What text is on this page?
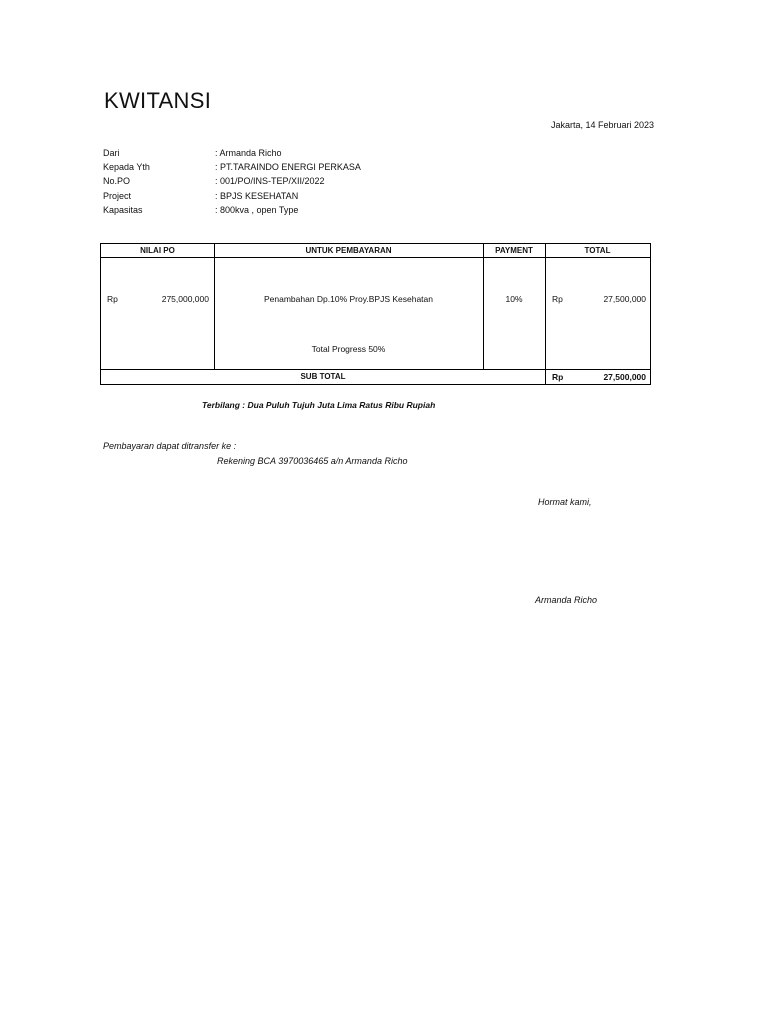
KWITANSI
Jakarta, 14 Februari 2023
Dari	: Armanda Richo
Kepada Yth	: PT.TARAINDO ENERGI PERKASA
No.PO	: 001/PO/INS-TEP/XII/2022
Project	: BPJS KESEHATAN
Kapasitas	: 800kva , open Type
NILAI PO	UNTUK PEMBAYARAN	PAYMENT	TOTAL
Rp	275,000,000	Penambahan Dp.10% Proy.BPJS Kesehatan
Total Progress 50%
10%	Rp	27,500,000
SUB TOTAL	Rp	27,500,000
Terbilang : Dua Puluh Tujuh Juta Lima Ratus Ribu Rupiah
Pembayaran dapat ditransfer ke :
Rekening BCA 3970036465 a/n Armanda Richo
Hormat kami,
Armanda Richo
